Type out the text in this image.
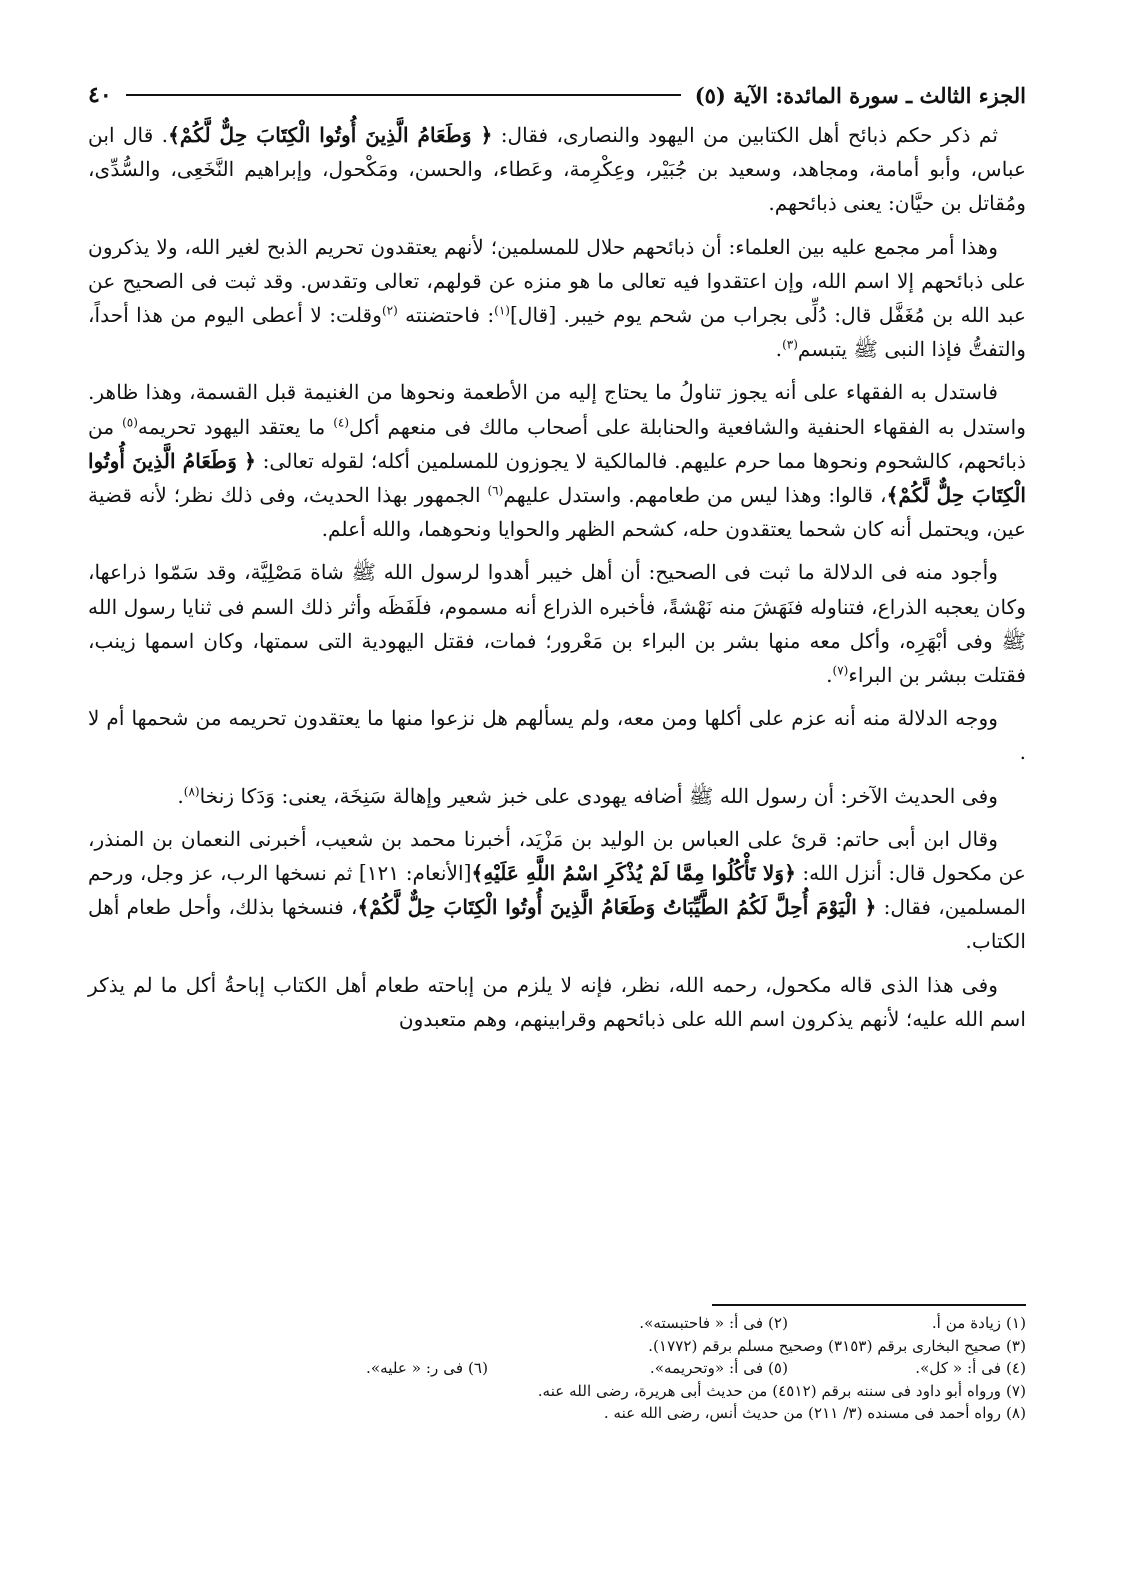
الجزء الثالث ـ سورة المائدة: الآية (٥)
٤٠

ثم ذكر حكم ذبائح أهل الكتابين من اليهود والنصارى، فقال: ﴿ وَطَعَامُ الَّذِينَ أُوتُوا الْكِتَابَ حِلٌّ لَّكُمْ﴾. قال ابن عباس، وأبو أمامة، ومجاهد، وسعيد بن جُبَيْر، وعِكْرِمة، وعَطاء، والحسن، ومَكْحول، وإبراهيم النَّخَعِى، والسُّدِّى، ومُقاتل بن حيَّان: يعنى ذبائحهم.

وهذا أمر مجمع عليه بين العلماء: أن ذبائحهم حلال للمسلمين؛ لأنهم يعتقدون تحريم الذبح لغير الله، ولا يذكرون على ذبائحهم إلا اسم الله، وإن اعتقدوا فيه تعالى ما هو منزه عن قولهم، تعالى وتقدس. وقد ثبت فى الصحيح عن عبد الله بن مُغَفَّل قال: دُلِّى بجراب من شحم يوم خيبر. [قال]$^{(١)}$: فاحتضنته $^{(٢)}$وقلت: لا أعطى اليوم من هذا أحداً، والتفتُّ فإذا النبى ﷺ يتبسم$^{(٣)}$.

فاستدل به الفقهاء على أنه يجوز تناولُ ما يحتاج إليه من الأطعمة ونحوها من الغنيمة قبل القسمة، وهذا ظاهر. واستدل به الفقهاء الحنفية والشافعية والحنابلة على أصحاب مالك فى منعهم أكل$^{(٤)}$ ما يعتقد اليهود تحريمه$^{(٥)}$ من ذبائحهم، كالشحوم ونحوها مما حرم عليهم. فالمالكية لا يجوزون للمسلمين أكله؛ لقوله تعالى: ﴿ وَطَعَامُ الَّذِينَ أُوتُوا الْكِتَابَ حِلٌّ لَّكُمْ﴾، قالوا: وهذا ليس من طعامهم. واستدل عليهم$^{(٦)}$ الجمهور بهذا الحديث، وفى ذلك نظر؛ لأنه قضية عين، ويحتمل أنه كان شحما يعتقدون حله، كشحم الظهر والحوايا ونحوهما، والله أعلم.

وأجود منه فى الدلالة ما ثبت فى الصحيح: أن أهل خيبر أهدوا لرسول الله ﷺ شاة مَصْلِيَّة، وقد سَمّوا ذراعها، وكان يعجبه الذراع، فتناوله فنَهَشَ منه نَهْشةً، فأخبره الذراع أنه مسموم، فلَفَظَه وأثر ذلك السم فى ثنايا رسول الله ﷺ وفى أبْهَرِه، وأكل معه منها بشر بن البراء بن مَعْرور؛ فمات، فقتل اليهودية التى سمتها، وكان اسمها زينب، فقتلت ببشر بن البراء$^{(٧)}$.

ووجه الدلالة منه أنه عزم على أكلها ومن معه، ولم يسألهم هل نزعوا منها ما يعتقدون تحريمه من شحمها أم لا .

وفى الحديث الآخر: أن رسول الله ﷺ أضافه يهودى على خبز شعير وإهالة سَنِخَة، يعنى: وَدَكا زنخا$^{(٨)}$.

وقال ابن أبى حاتم: قرئ على العباس بن الوليد بن مَزْيَد، أخبرنا محمد بن شعيب، أخبرنى النعمان بن المنذر، عن مكحول قال: أنزل الله: ﴿وَلا تَأْكُلُوا مِمَّا لَمْ يُذْكَرِ اسْمُ اللَّهِ عَلَيْهِ﴾[الأنعام: ١٢١] ثم نسخها الرب، عز وجل، ورحم المسلمين، فقال: ﴿ الْيَوْمَ أُحِلَّ لَكُمُ الطَّيِّبَاتُ وَطَعَامُ الَّذِينَ أُوتُوا الْكِتَابَ حِلٌّ لَّكُمْ﴾، فنسخها بذلك، وأحل طعام أهل الكتاب.

وفى هذا الذى قاله مكحول، رحمه الله، نظر، فإنه لا يلزم من إباحته طعام أهل الكتاب إباحةُ أكل ما لم يذكر اسم الله عليه؛ لأنهم يذكرون اسم الله على ذبائحهم وقرابينهم، وهم متعبدون

(١) زيادة من أ.
(٢) فى أ: « فاحتبسته».
(٣) صحيح البخارى برقم (٣١٥٣) وصحيح مسلم برقم (١٧٧٢).
(٤) فى أ: « كل».
(٥) فى أ: «وتحريمه».
(٦) فى ر: « عليه».
(٧) ورواه أبو داود فى سننه برقم (٤٥١٢) من حديث أبى هريرة، رضى الله عنه.
(٨) رواه أحمد فى مسنده (٣/ ٢١١) من حديث أنس، رضى الله عنه .
